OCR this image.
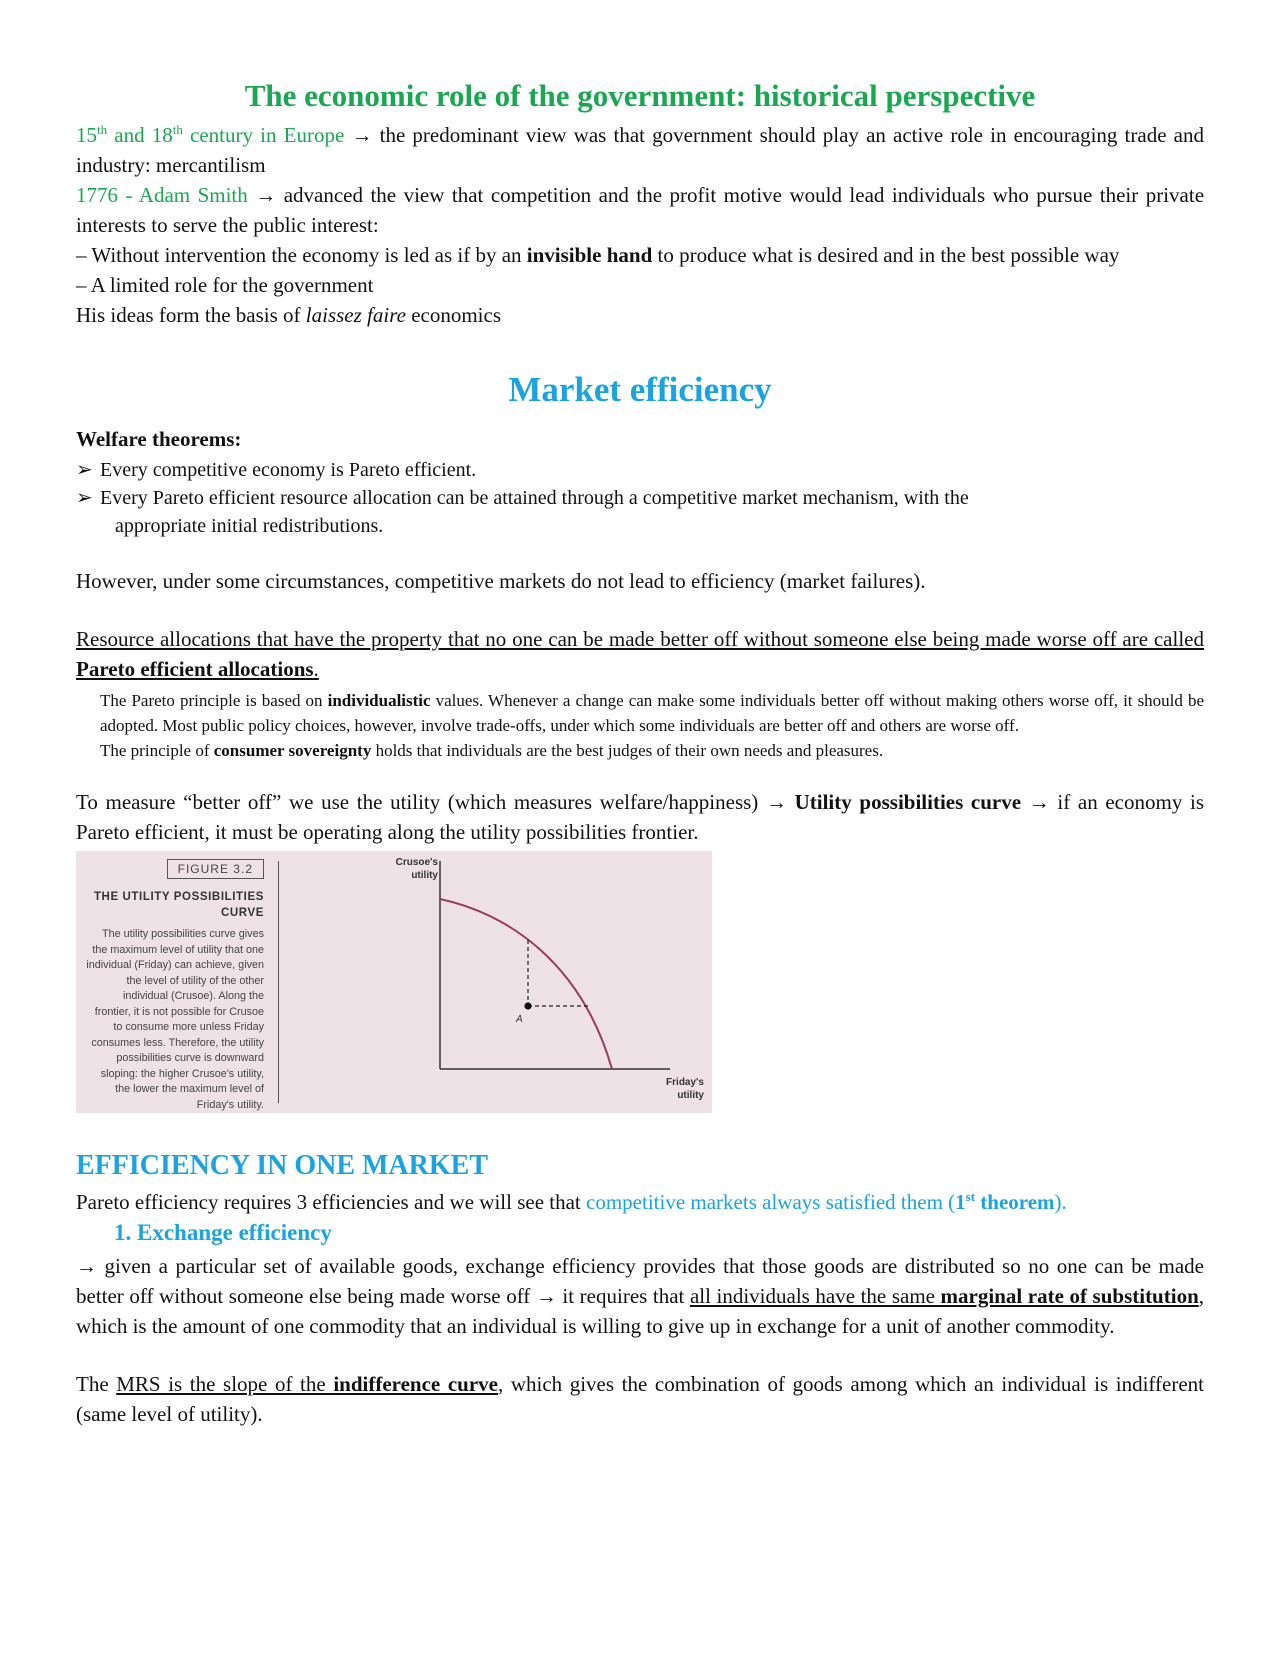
The economic role of the government: historical perspective

15th and 18th century in Europe → the predominant view was that government should play an active role in encouraging trade and industry: mercantilism

1776 - Adam Smith → advanced the view that competition and the profit motive would lead individuals who pursue their private interests to serve the public interest:

– Without intervention the economy is led as if by an invisible hand to produce what is desired and in the best possible way

– A limited role for the government

His ideas form the basis of laissez faire economics

Market efficiency

Welfare theorems:

➢ Every competitive economy is Pareto efficient.
➢ Every Pareto efficient resource allocation can be attained through a competitive market mechanism, with the
appropriate initial redistributions.

However, under some circumstances, competitive markets do not lead to efficiency (market failures).

Resource allocations that have the property that no one can be made better off without someone else being made worse off are called Pareto efficient allocations.

The Pareto principle is based on individualistic values. Whenever a change can make some individuals better off without making others worse off, it should be adopted. Most public policy choices, however, involve trade-offs, under which some individuals are better off and others are worse off.
The principle of consumer sovereignty holds that individuals are the best judges of their own needs and pleasures.

To measure “better off” we use the utility (which measures welfare/happiness) → Utility possibilities curve → if an economy is Pareto efficient, it must be operating along the utility possibilities frontier.

FIGURE 3.2
THE UTILITY POSSIBILITIES CURVE
The utility possibilities curve gives the maximum level of utility that one individual (Friday) can achieve, given the level of utility of the other individual (Crusoe). Along the frontier, it is not possible for Crusoe to consume more unless Friday consumes less. Therefore, the utility possibilities curve is downward sloping: the higher Crusoe's utility, the lower the maximum level of Friday's utility.
A
Crusoe's
utility
Friday's
utility
EFFICIENCY IN ONE MARKET

Pareto efficiency requires 3 efficiencies and we will see that competitive markets always satisfied them (1st theorem).

1. Exchange efficiency

→ given a particular set of available goods, exchange efficiency provides that those goods are distributed so no one can be made better off without someone else being made worse off → it requires that all individuals have the same marginal rate of substitution, which is the amount of one commodity that an individual is willing to give up in exchange for a unit of another commodity.

The MRS is the slope of the indifference curve, which gives the combination of goods among which an individual is indifferent (same level of utility).
